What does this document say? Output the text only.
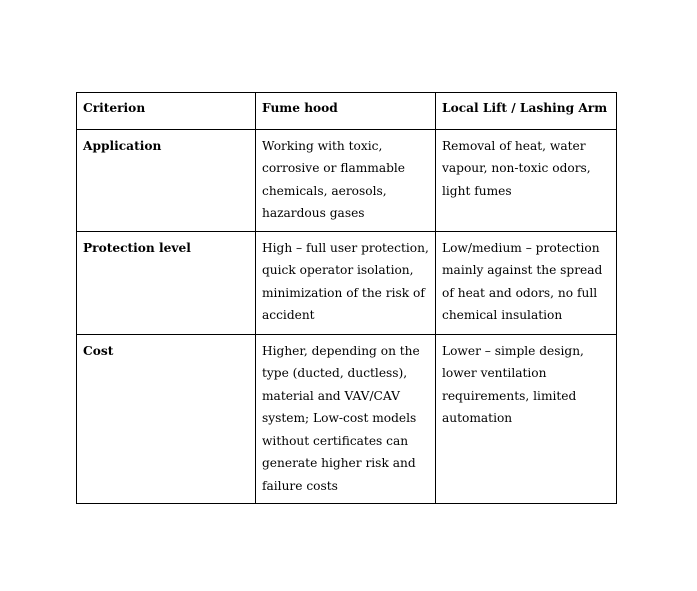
Criterion	Fume hood	Local Lift / Lashing Arm
Application	Working with toxic, corrosive or flammable chemicals, aerosols, hazardous gases	Removal of heat, water vapour, non-toxic odors, light fumes
Protection level	High – full user protection, quick operator isolation, minimization of the risk of accident	Low/medium – protection mainly against the spread of heat and odors, no full chemical insulation
Cost	Higher, depending on the type (ducted, ductless), material and VAV/CAV system; Low-cost models without certificates can generate higher risk and failure costs	Lower – simple design, lower ventilation requirements, limited automation
